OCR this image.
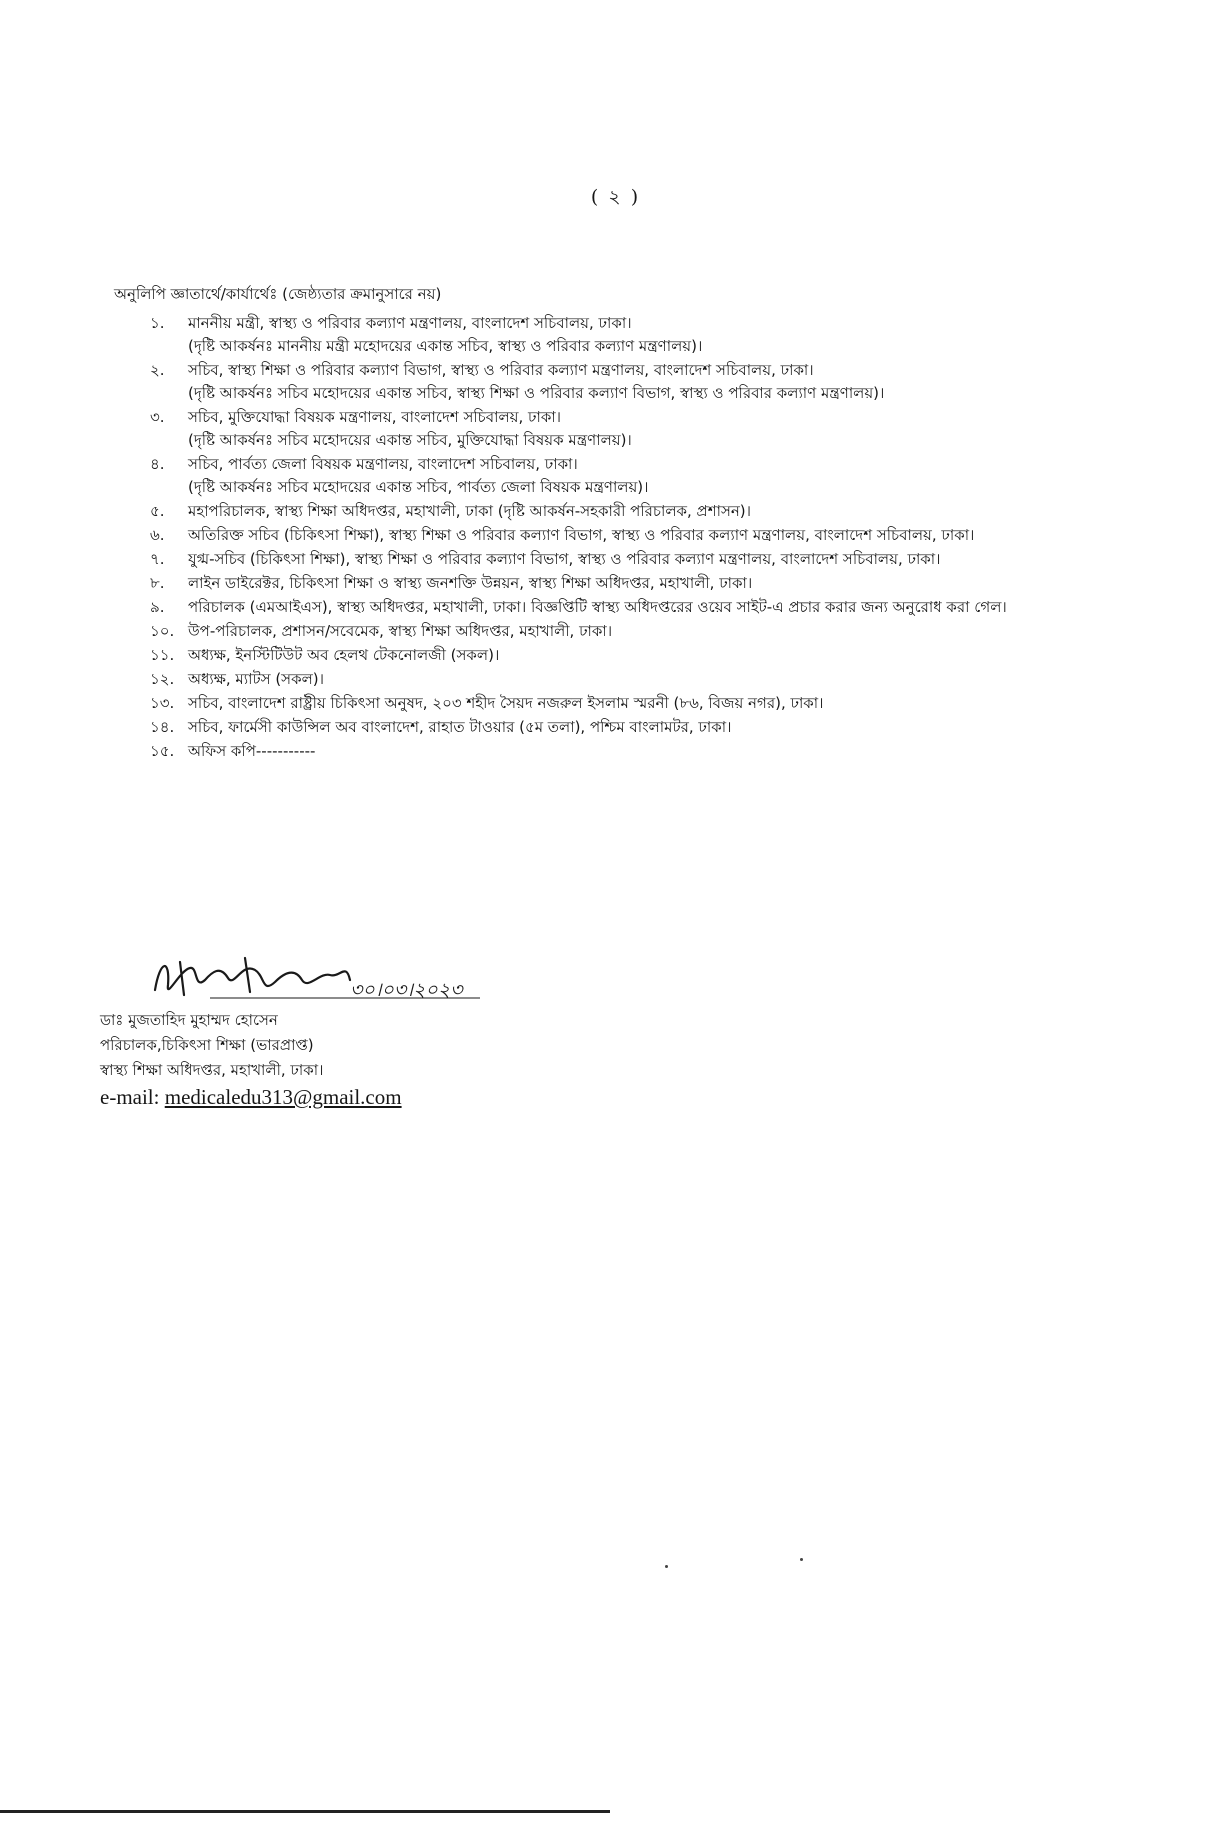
( ২ )
অনুলিপি জ্ঞাতার্থে/কার্যার্থেঃ (জেষ্ঠ্যতার ক্রমানুসারে নয়)
১. মাননীয় মন্ত্রী, স্বাস্থ্য ও পরিবার কল্যাণ মন্ত্রণালয়, বাংলাদেশ সচিবালয়, ঢাকা।
(দৃষ্টি আকর্ষনঃ মাননীয় মন্ত্রী মহোদয়ের একান্ত সচিব, স্বাস্থ্য ও পরিবার কল্যাণ মন্ত্রণালয়)।
২. সচিব, স্বাস্থ্য শিক্ষা ও পরিবার কল্যাণ বিভাগ, স্বাস্থ্য ও পরিবার কল্যাণ মন্ত্রণালয়, বাংলাদেশ সচিবালয়, ঢাকা।
(দৃষ্টি আকর্ষনঃ সচিব মহোদয়ের একান্ত সচিব, স্বাস্থ্য শিক্ষা ও পরিবার কল্যাণ বিভাগ, স্বাস্থ্য ও পরিবার কল্যাণ মন্ত্রণালয়)।
৩. সচিব, মুক্তিযোদ্ধা বিষয়ক মন্ত্রণালয়, বাংলাদেশ সচিবালয়, ঢাকা।
(দৃষ্টি আকর্ষনঃ সচিব মহোদয়ের একান্ত সচিব, মুক্তিযোদ্ধা বিষয়ক মন্ত্রণালয়)।
৪. সচিব, পার্বত্য জেলা বিষয়ক মন্ত্রণালয়, বাংলাদেশ সচিবালয়, ঢাকা।
(দৃষ্টি আকর্ষনঃ সচিব মহোদয়ের একান্ত সচিব, পার্বত্য জেলা বিষয়ক মন্ত্রণালয়)।
৫. মহাপরিচালক, স্বাস্থ্য শিক্ষা অধিদপ্তর, মহাখালী, ঢাকা (দৃষ্টি আকর্ষন-সহকারী পরিচালক, প্রশাসন)।
৬. অতিরিক্ত সচিব (চিকিৎসা শিক্ষা), স্বাস্থ্য শিক্ষা ও পরিবার কল্যাণ বিভাগ, স্বাস্থ্য ও পরিবার কল্যাণ মন্ত্রণালয়, বাংলাদেশ সচিবালয়, ঢাকা।
৭. যুগ্ম-সচিব (চিকিৎসা শিক্ষা), স্বাস্থ্য শিক্ষা ও পরিবার কল্যাণ বিভাগ, স্বাস্থ্য ও পরিবার কল্যাণ মন্ত্রণালয়, বাংলাদেশ সচিবালয়, ঢাকা।
৮. লাইন ডাইরেক্টর, চিকিৎসা শিক্ষা ও স্বাস্থ্য জনশক্তি উন্নয়ন, স্বাস্থ্য শিক্ষা অধিদপ্তর, মহাখালী, ঢাকা।
৯. পরিচালক (এমআইএস), স্বাস্থ্য অধিদপ্তর, মহাখালী, ঢাকা। বিজ্ঞপ্তিটি স্বাস্থ্য অধিদপ্তরের ওয়েব সাইট-এ প্রচার করার জন্য অনুরোধ করা গেল।
১০. উপ-পরিচালক, প্রশাসন/সবেমেক, স্বাস্থ্য শিক্ষা অধিদপ্তর, মহাখালী, ঢাকা।
১১. অধ্যক্ষ, ইনস্টিটিউট অব হেলথ টেকনোলজী (সকল)।
১২. অধ্যক্ষ, ম্যাটস (সকল)।
১৩. সচিব, বাংলাদেশ রাষ্ট্রীয় চিকিৎসা অনুষদ, ২০৩ শহীদ সৈয়দ নজরুল ইসলাম স্মরনী (৮৬, বিজয় নগর), ঢাকা।
১৪. সচিব, ফার্মেসী কাউন্সিল অব বাংলাদেশ, রাহাত টাওয়ার (৫ম তলা), পশ্চিম বাংলামটর, ঢাকা।
১৫. অফিস কপি-----------
৩০।০৩।২০২৩
ডাঃ মুজতাহিদ মুহাম্মদ হোসেন
পরিচালক,চিকিৎসা শিক্ষা (ভারপ্রাপ্ত)
স্বাস্থ্য শিক্ষা অধিদপ্তর, মহাখালী, ঢাকা।
e-mail: medicaledu313@gmail.com
